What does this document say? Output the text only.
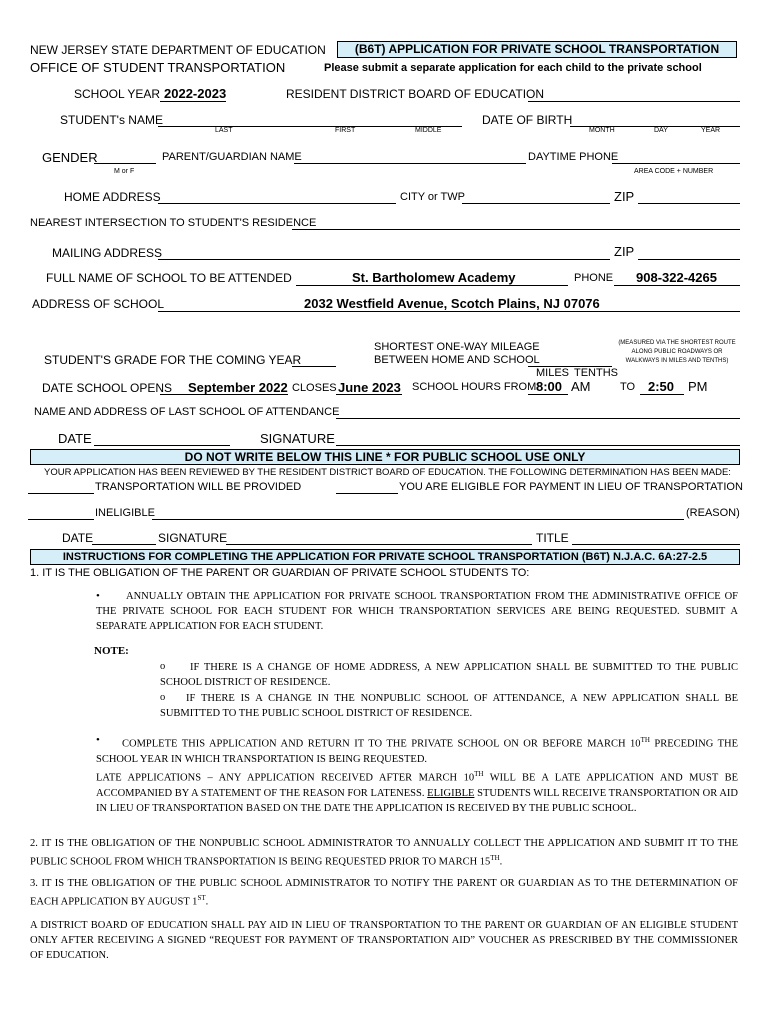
NEW JERSEY STATE DEPARTMENT OF EDUCATION
OFFICE OF STUDENT TRANSPORTATION
(B6T) APPLICATION FOR PRIVATE SCHOOL TRANSPORTATION
Please submit a separate application for each child to the private school
SCHOOL YEAR 2022-2023	RESIDENT DISTRICT BOARD OF EDUCATION
STUDENT's NAME
LAST	FIRST	MIDDLE
DATE OF BIRTH
MONTH	DAY	YEAR
GENDER
M or F
PARENT/GUARDIAN NAME	DAYTIME PHONE
AREA CODE + NUMBER
HOME ADDRESS	CITY or TWP	ZIP
NEAREST INTERSECTION TO STUDENT'S RESIDENCE
MAILING ADDRESS	ZIP
FULL NAME OF SCHOOL TO BE ATTENDED	St. Bartholomew Academy	PHONE 908-322-4265
ADDRESS OF SCHOOL	2032 Westfield Avenue, Scotch Plains, NJ 07076
STUDENT'S GRADE FOR THE COMING YEAR
SHORTEST ONE-WAY MILEAGE
BETWEEN HOME AND SCHOOL
(MEASURED VIA THE SHORTEST ROUTE
ALONG PUBLIC ROADWAYS OR
WALKWAYS IN MILES AND TENTHS)
MILES TENTHS
DATE SCHOOL OPENS September 2022 CLOSES June 2023 SCHOOL HOURS FROM 8:00 AM	TO 2:50 PM
NAME AND ADDRESS OF LAST SCHOOL OF ATTENDANCE
DATE	SIGNATURE
DO NOT WRITE BELOW THIS LINE * FOR PUBLIC SCHOOL USE ONLY
YOUR APPLICATION HAS BEEN REVIEWED BY THE RESIDENT DISTRICT BOARD OF EDUCATION. THE FOLLOWING DETERMINATION HAS BEEN MADE:
TRANSPORTATION WILL BE PROVIDED	YOU ARE ELIGIBLE FOR PAYMENT IN LIEU OF TRANSPORTATION
INELIGIBLE	(REASON)
DATE	SIGNATURE	TITLE
INSTRUCTIONS FOR COMPLETING THE APPLICATION FOR PRIVATE SCHOOL TRANSPORTATION (B6T) N.J.A.C. 6A:27-2.5
1. IT IS THE OBLIGATION OF THE PARENT OR GUARDIAN OF PRIVATE SCHOOL STUDENTS TO:
•	ANNUALLY OBTAIN THE APPLICATION FOR PRIVATE SCHOOL TRANSPORTATION FROM THE ADMINISTRATIVE OFFICE OF THE PRIVATE SCHOOL FOR EACH STUDENT FOR WHICH TRANSPORTATION SERVICES ARE BEING REQUESTED. SUBMIT A SEPARATE APPLICATION FOR EACH STUDENT.
NOTE:
o	IF THERE IS A CHANGE OF HOME ADDRESS, A NEW APPLICATION SHALL BE SUBMITTED TO THE PUBLIC SCHOOL DISTRICT OF RESIDENCE.
o	IF THERE IS A CHANGE IN THE NONPUBLIC SCHOOL OF ATTENDANCE, A NEW APPLICATION SHALL BE SUBMITTED TO THE PUBLIC SCHOOL DISTRICT OF RESIDENCE.
•	COMPLETE THIS APPLICATION AND RETURN IT TO THE PRIVATE SCHOOL ON OR BEFORE MARCH 10TH PRECEDING THE SCHOOL YEAR IN WHICH TRANSPORTATION IS BEING REQUESTED.
LATE APPLICATIONS – ANY APPLICATION RECEIVED AFTER MARCH 10TH WILL BE A LATE APPLICATION AND MUST BE ACCOMPANIED BY A STATEMENT OF THE REASON FOR LATENESS. ELIGIBLE STUDENTS WILL RECEIVE TRANSPORTATION OR AID IN LIEU OF TRANSPORTATION BASED ON THE DATE THE APPLICATION IS RECEIVED BY THE PUBLIC SCHOOL.
2. IT IS THE OBLIGATION OF THE NONPUBLIC SCHOOL ADMINISTRATOR TO ANNUALLY COLLECT THE APPLICATION AND SUBMIT IT TO THE PUBLIC SCHOOL FROM WHICH TRANSPORTATION IS BEING REQUESTED PRIOR TO MARCH 15TH.
3. IT IS THE OBLIGATION OF THE PUBLIC SCHOOL ADMINISTRATOR TO NOTIFY THE PARENT OR GUARDIAN AS TO THE DETERMINATION OF EACH APPLICATION BY AUGUST 1ST.
A DISTRICT BOARD OF EDUCATION SHALL PAY AID IN LIEU OF TRANSPORTATION TO THE PARENT OR GUARDIAN OF AN ELIGIBLE STUDENT ONLY AFTER RECEIVING A SIGNED “REQUEST FOR PAYMENT OF TRANSPORTATION AID” VOUCHER AS PRESCRIBED BY THE COMMISSIONER OF EDUCATION.
